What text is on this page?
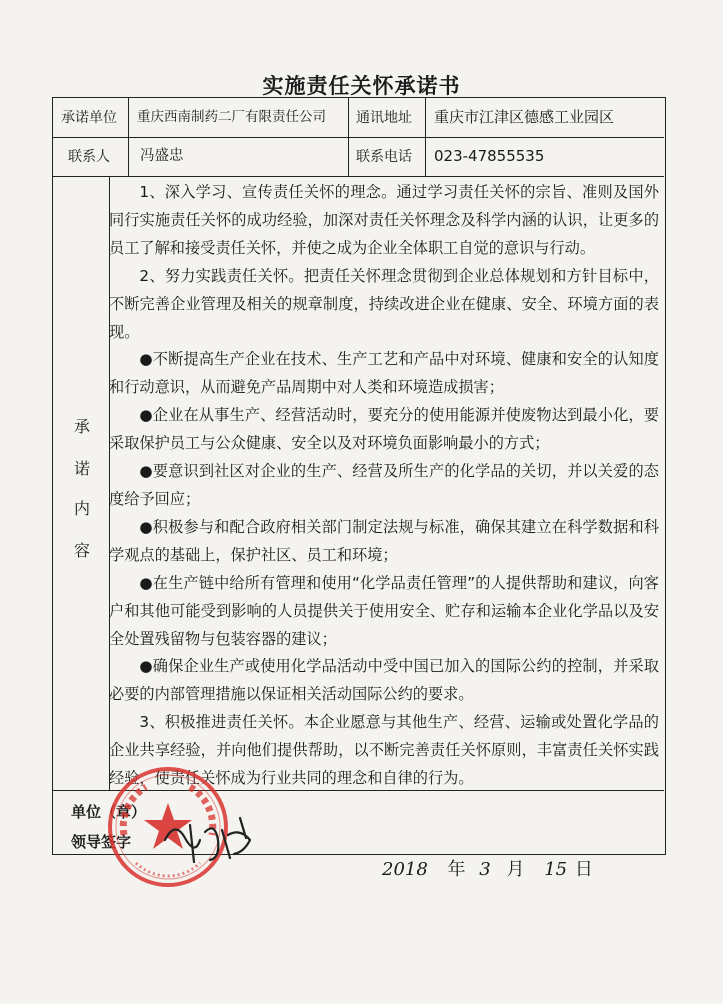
实施责任关怀承诺书
承诺单位 重庆西南制药二厂有限责任公司 通讯地址 重庆市江津区德感工业园区
联系人 冯盛忠	联系电话 023-47855535
承
诺
内
容

1、深入学习、宣传责任关怀的理念。通过学习责任关怀的宗旨、准则及国外同行实施责任关怀的成功经验，加深对责任关怀理念及科学内涵的认识，让更多的员工了解和接受责任关怀，并使之成为企业全体职工自觉的意识与行动。

2、努力实践责任关怀。把责任关怀理念贯彻到企业总体规划和方针目标中，不断完善企业管理及相关的规章制度，持续改进企业在健康、安全、环境方面的表现。

●不断提高生产企业在技术、生产工艺和产品中对环境、健康和安全的认知度和行动意识，从而避免产品周期中对人类和环境造成损害；

●企业在从事生产、经营活动时，要充分的使用能源并使废物达到最小化，要采取保护员工与公众健康、安全以及对环境负面影响最小的方式；

●要意识到社区对企业的生产、经营及所生产的化学品的关切，并以关爱的态度给予回应；

●积极参与和配合政府相关部门制定法规与标准，确保其建立在科学数据和科学观点的基础上，保护社区、员工和环境；

●在生产链中给所有管理和使用“化学品责任管理”的人提供帮助和建议，向客户和其他可能受到影响的人员提供关于使用安全、贮存和运输本企业化学品以及安全处置残留物与包装容器的建议；

●确保企业生产或使用化学品活动中受中国已加入的国际公约的控制，并采取必要的内部管理措施以保证相关活动国际公约的要求。

3、积极推进责任关怀。本企业愿意与其他生产、经营、运输或处置化学品的企业共享经验，并向他们提供帮助，以不断完善责任关怀原则，丰富责任关怀实践经验，使责任关怀成为行业共同的理念和自律的行为。

单位（章）
领导签字
2018 年 3 月 15 日
